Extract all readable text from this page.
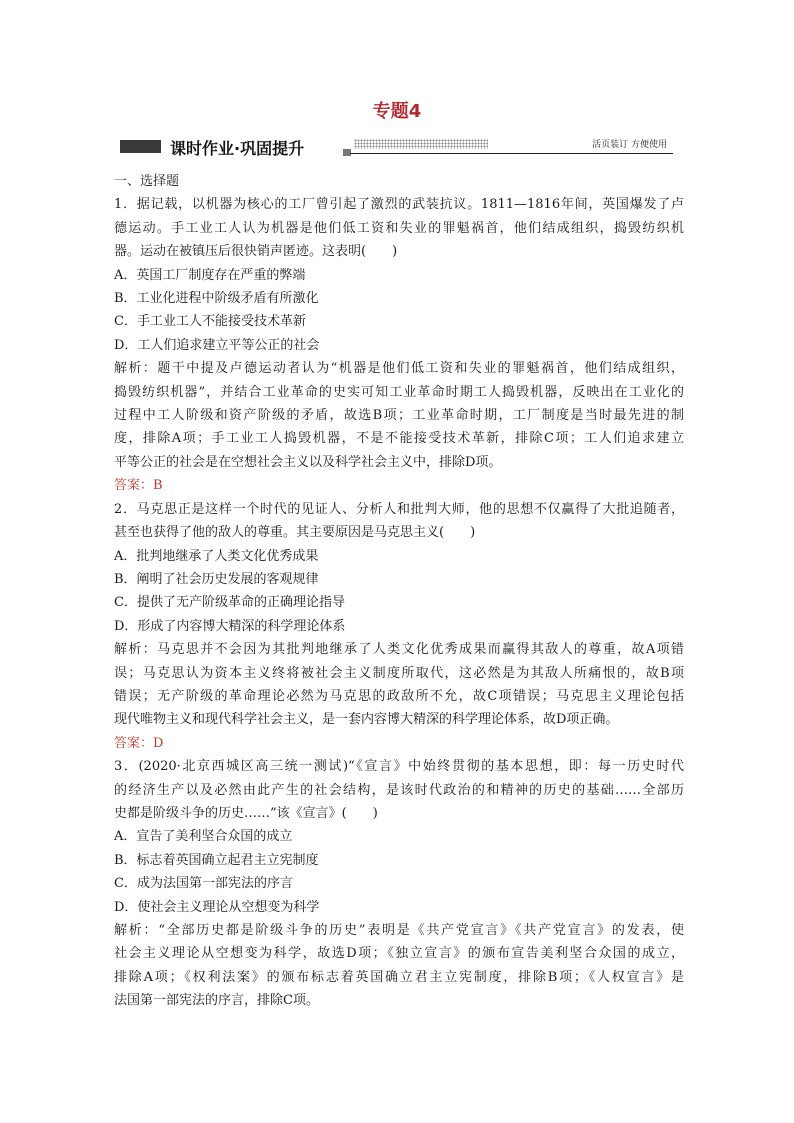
专题4
课时作业·巩固提升	活页装订 方便使用
一、选择题
1．据记载，以机器为核心的工厂曾引起了激烈的武装抗议。1811—1816年间，英国爆发了卢
德运动。手工业工人认为机器是他们低工资和失业的罪魁祸首，他们结成组织，捣毁纺织机
器。运动在被镇压后很快销声匿迹。这表明(　　)
A．英国工厂制度存在严重的弊端
B．工业化进程中阶级矛盾有所激化
C．手工业工人不能接受技术革新
D．工人们追求建立平等公正的社会
解析：题干中提及卢德运动者认为“机器是他们低工资和失业的罪魁祸首，他们结成组织，
捣毁纺织机器”，并结合工业革命的史实可知工业革命时期工人捣毁机器，反映出在工业化的
过程中工人阶级和资产阶级的矛盾，故选B项；工业革命时期，工厂制度是当时最先进的制
度，排除A项；手工业工人捣毁机器，不是不能接受技术革新，排除C项；工人们追求建立
平等公正的社会是在空想社会主义以及科学社会主义中，排除D项。
答案：B
2．马克思正是这样一个时代的见证人、分析人和批判大师，他的思想不仅赢得了大批追随者，
甚至也获得了他的敌人的尊重。其主要原因是马克思主义(　　)
A．批判地继承了人类文化优秀成果
B．阐明了社会历史发展的客观规律
C．提供了无产阶级革命的正确理论指导
D．形成了内容博大精深的科学理论体系
解析：马克思并不会因为其批判地继承了人类文化优秀成果而赢得其敌人的尊重，故A项错
误；马克思认为资本主义终将被社会主义制度所取代，这必然是为其敌人所痛恨的，故B项
错误；无产阶级的革命理论必然为马克思的政敌所不允，故C项错误；马克思主义理论包括
现代唯物主义和现代科学社会主义，是一套内容博大精深的科学理论体系，故D项正确。
答案：D
3．(2020·北京西城区高三统一测试)“《宣言》中始终贯彻的基本思想，即：每一历史时代
的经济生产以及必然由此产生的社会结构，是该时代政治的和精神的历史的基础……全部历
史都是阶级斗争的历史……”该《宣言》(　　)
A．宣告了美利坚合众国的成立
B．标志着英国确立起君主立宪制度
C．成为法国第一部宪法的序言
D．使社会主义理论从空想变为科学
解析：“全部历史都是阶级斗争的历史”表明是《共产党宣言》《共产党宣言》的发表，使
社会主义理论从空想变为科学，故选D项；《独立宣言》的颁布宣告美利坚合众国的成立，
排除A项；《权利法案》的颁布标志着英国确立君主立宪制度，排除B项；《人权宣言》是
法国第一部宪法的序言，排除C项。
